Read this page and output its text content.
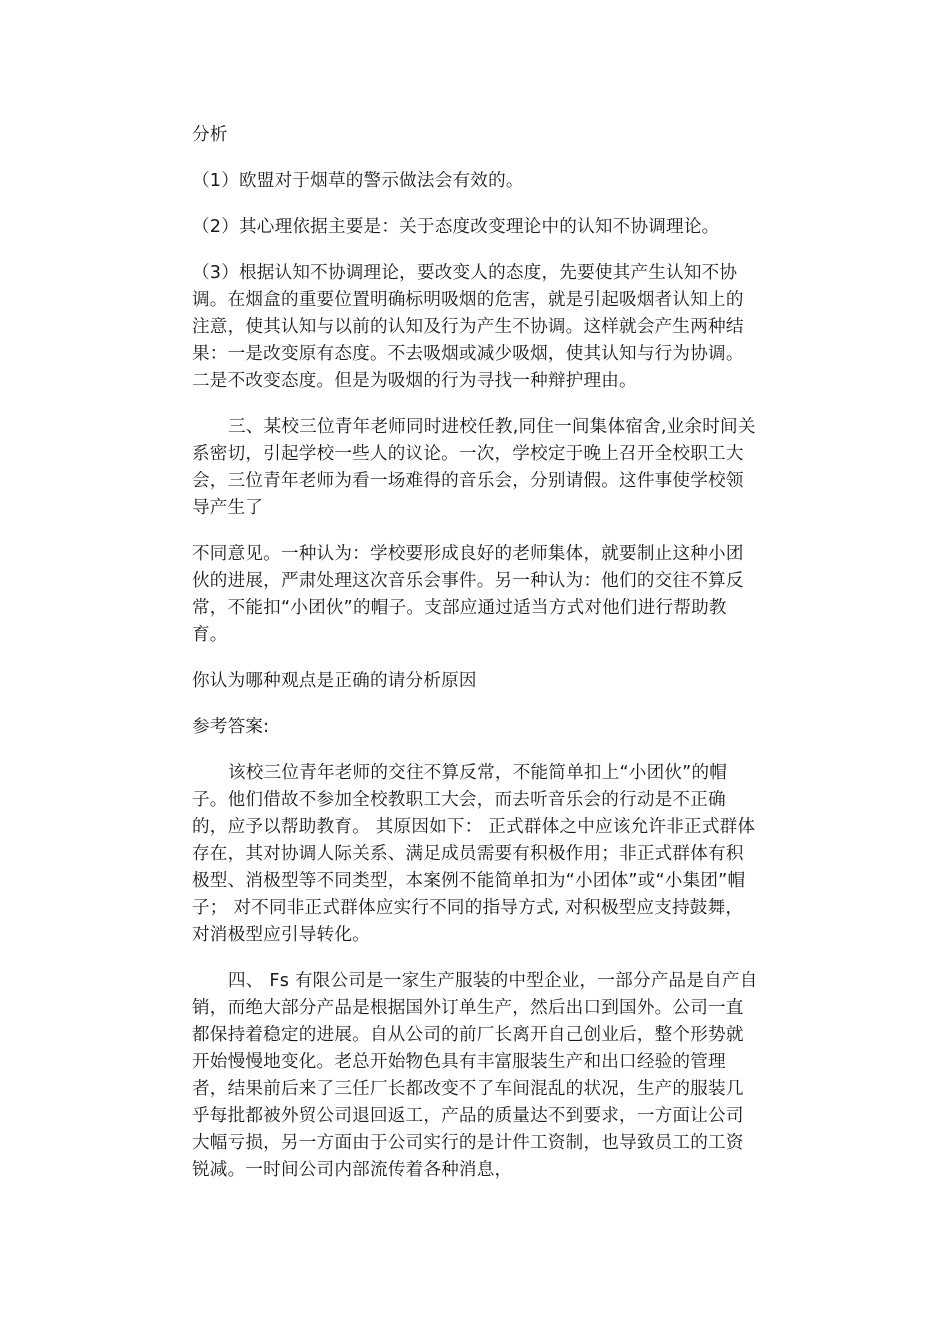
分析

（1）欧盟对于烟草的警示做法会有效的。

（2）其心理依据主要是：关于态度改变理论中的认知不协调理论。

（3）根据认知不协调理论，要改变人的态度，先要使其产生认知不协调。在烟盒的重要位置明确标明吸烟的危害，就是引起吸烟者认知上的注意，使其认知与以前的认知及行为产生不协调。这样就会产生两种结果：一是改变原有态度。不去吸烟或减少吸烟，使其认知与行为协调。二是不改变态度。但是为吸烟的行为寻找一种辩护理由。

三、某校三位青年老师同时进校任教,同住一间集体宿舍,业余时间关系密切，引起学校一些人的议论。一次，学校定于晚上召开全校职工大会，三位青年老师为看一场难得的音乐会，分别请假。这件事使学校领导产生了

不同意见。一种认为：学校要形成良好的老师集体，就要制止这种小团伙的进展，严肃处理这次音乐会事件。另一种认为：他们的交往不算反常，不能扣“小团伙”的帽子。支部应通过适当方式对他们进行帮助教育。

你认为哪种观点是正确的请分析原因

参考答案:

该校三位青年老师的交往不算反常，不能简单扣上“小团伙”的帽子。他们借故不参加全校教职工大会，而去听音乐会的行动是不正确的，应予以帮助教育。 其原因如下： 正式群体之中应该允许非正式群体存在，其对协调人际关系、满足成员需要有积极作用；非正式群体有积极型、消极型等不同类型，本案例不能简单扣为“小团体”或“小集团”帽子； 对不同非正式群体应实行不同的指导方式, 对积极型应支持鼓舞，对消极型应引导转化。

四、 Fs 有限公司是一家生产服装的中型企业，一部分产品是自产自销，而绝大部分产品是根据国外订单生产，然后出口到国外。公司一直都保持着稳定的进展。自从公司的前厂长离开自己创业后，整个形势就开始慢慢地变化。老总开始物色具有丰富服装生产和出口经验的管理者，结果前后来了三任厂长都改变不了车间混乱的状况，生产的服装几乎每批都被外贸公司退回返工，产品的质量达不到要求，一方面让公司大幅亏损，另一方面由于公司实行的是计件工资制，也导致员工的工资锐减。一时间公司内部流传着各种消息，
